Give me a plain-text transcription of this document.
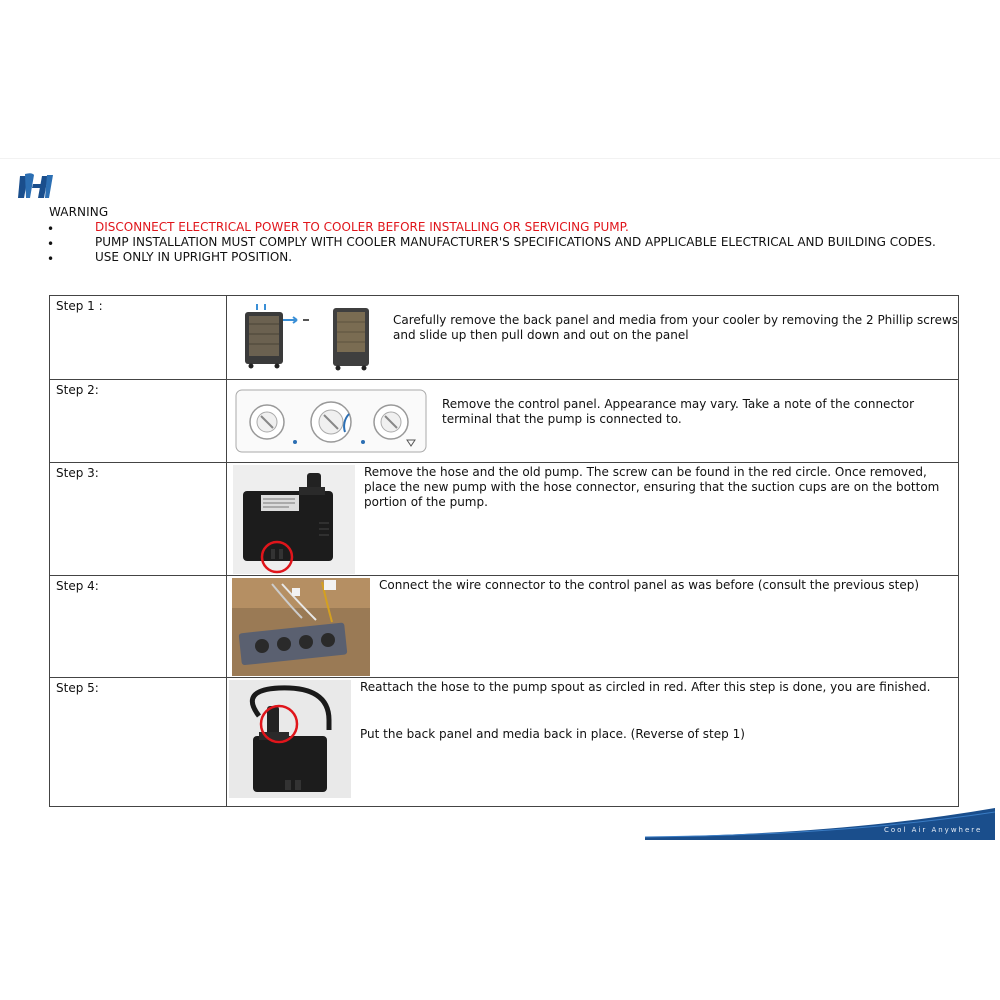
WARNING
•	DISCONNECT ELECTRICAL POWER TO COOLER BEFORE INSTALLING OR SERVICING PUMP.
•	PUMP INSTALLATION MUST COMPLY WITH COOLER MANUFACTURER'S SPECIFICATIONS AND APPLICABLE ELECTRICAL AND BUILDING CODES.
•	USE ONLY IN UPRIGHT POSITION.
Step 1 :	Carefully remove the back panel and media from your cooler by removing the 2 Phillip screws and slide up then pull down and out on the panel

Step 2:	Remove the control panel. Appearance may vary. Take a note of the connector terminal that the pump is connected to.

Step 3:	Remove the hose and the old pump. The screw can be found in the red circle. Once removed, place the new pump with the hose connector, ensuring that the suction cups are on the bottom portion of the pump.

Step 4:	Connect the wire connector to the control panel as was before (consult the previous step)

Step 5:	Reattach the hose to the pump spout as circled in red. After this step is done, you are finished.
Put the back panel and media back in place. (Reverse of step 1)
Cool Air Anywhere
